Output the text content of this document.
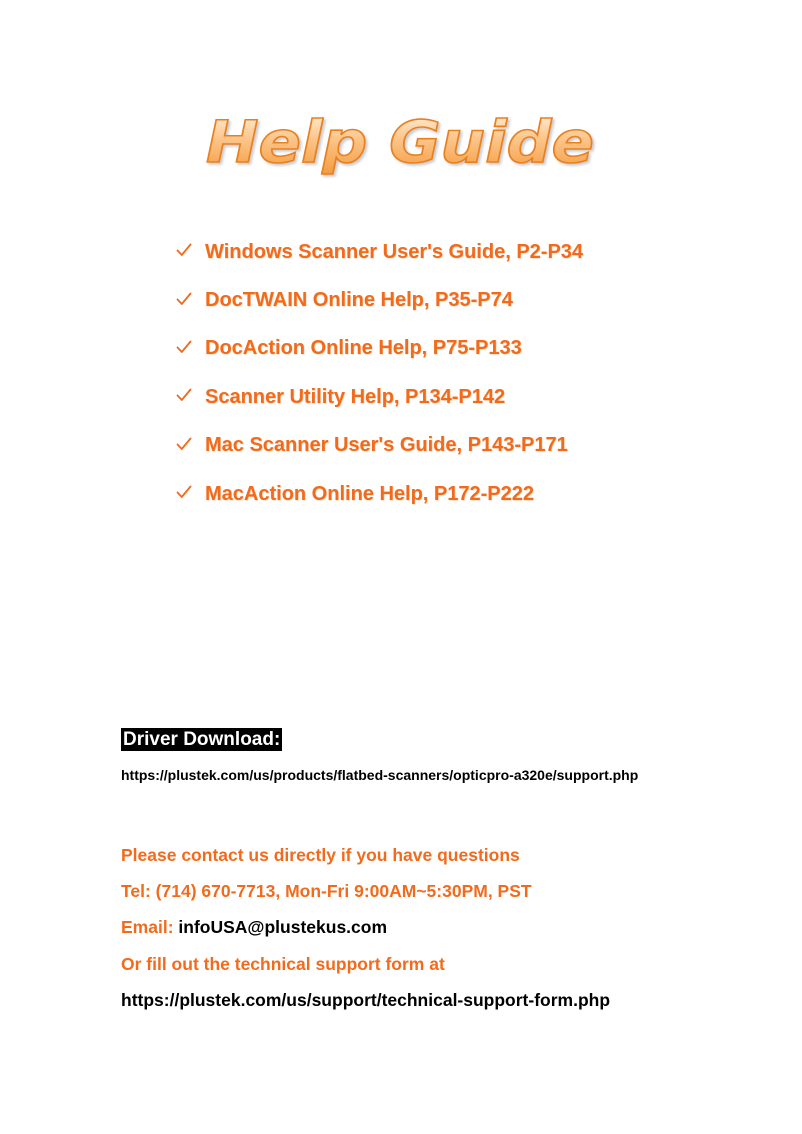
Help Guide
Windows Scanner User's Guide, P2-P34
DocTWAIN Online Help, P35-P74
DocAction Online Help, P75-P133
Scanner Utility Help, P134-P142
Mac Scanner User's Guide, P143-P171
MacAction Online Help, P172-P222
Driver Download:
https://plustek.com/us/products/flatbed-scanners/opticpro-a320e/support.php
Please contact us directly if you have questions
Tel: (714) 670-7713, Mon-Fri 9:00AM~5:30PM, PST
Email: infoUSA@plustekus.com
Or fill out the technical support form at
https://plustek.com/us/support/technical-support-form.php
